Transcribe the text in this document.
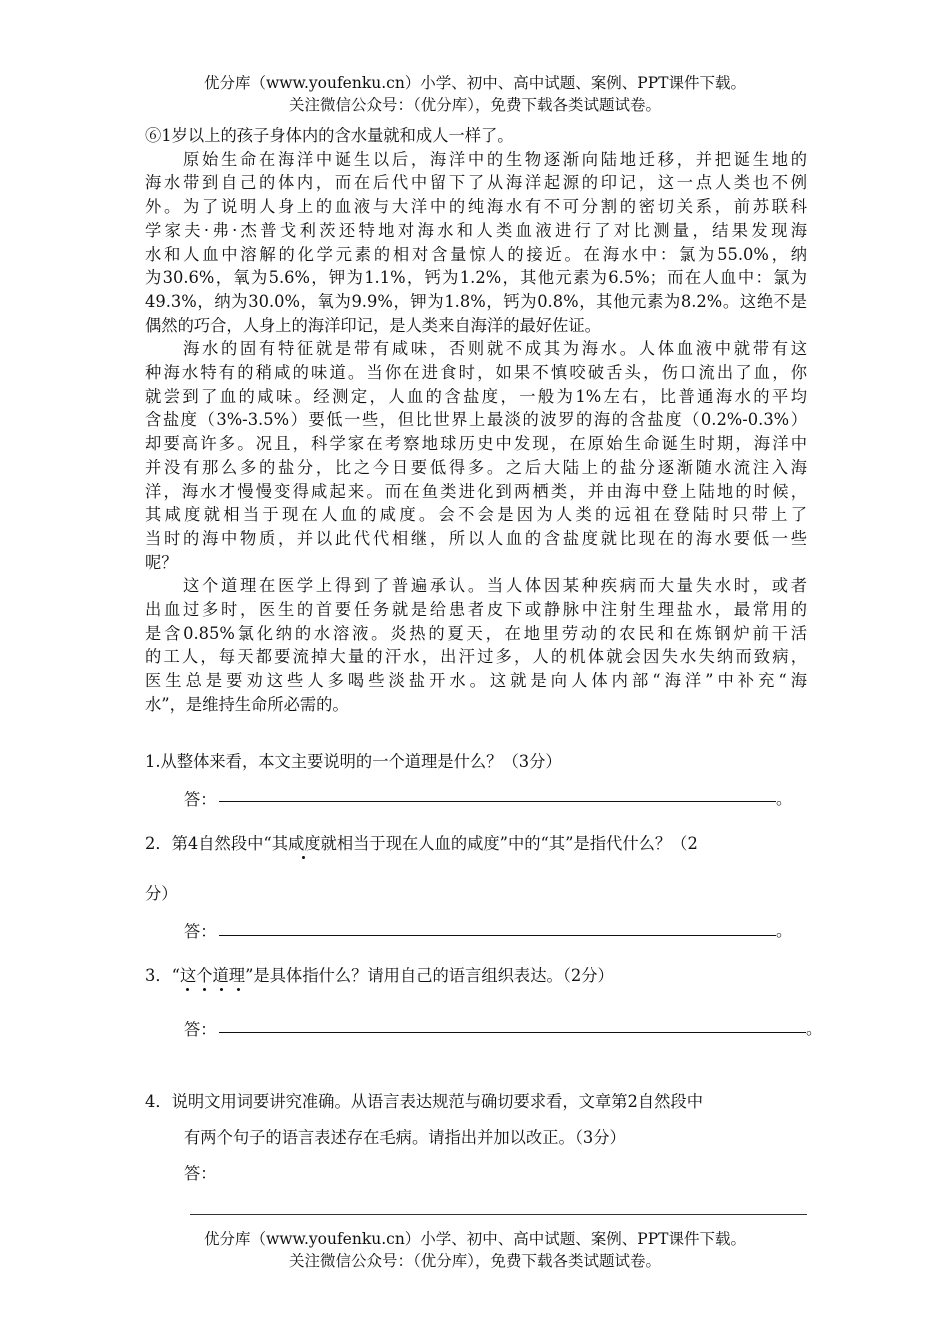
优分库（www.youfenku.cn）小学、初中、高中试题、案例、PPT课件下载。
关注微信公众号：（优分库），免费下载各类试题试卷。
⑥1岁以上的孩子身体内的含水量就和成人一样了。
　　原始生命在海洋中诞生以后，海洋中的生物逐渐向陆地迁移，并把诞生地的
海水带到自己的体内，而在后代中留下了从海洋起源的印记，这一点人类也不例
外。为了说明人身上的血液与大洋中的纯海水有不可分割的密切关系，前苏联科
学家夫·弗·杰普戈利茨还特地对海水和人类血液进行了对比测量，结果发现海
水和人血中溶解的化学元素的相对含量惊人的接近。在海水中：氯为55.0%，纳
为30.6%，氧为5.6%，钾为1.1%，钙为1.2%，其他元素为6.5%；而在人血中：氯为
49.3%，纳为30.0%，氧为9.9%，钾为1.8%，钙为0.8%，其他元素为8.2%。这绝不是
偶然的巧合，人身上的海洋印记，是人类来自海洋的最好佐证。
　　海水的固有特征就是带有咸味，否则就不成其为海水。人体血液中就带有这
种海水特有的稍咸的味道。当你在进食时，如果不慎咬破舌头，伤口流出了血，你
就尝到了血的咸味。经测定，人血的含盐度，一般为1%左右，比普通海水的平均
含盐度（3%-3.5%）要低一些，但比世界上最淡的波罗的海的含盐度（0.2%-0.3%）
却要高许多。况且，科学家在考察地球历史中发现，在原始生命诞生时期，海洋中
并没有那么多的盐分，比之今日要低得多。之后大陆上的盐分逐渐随水流注入海
洋，海水才慢慢变得咸起来。而在鱼类进化到两栖类，并由海中登上陆地的时候，
其咸度就相当于现在人血的咸度。会不会是因为人类的远祖在登陆时只带上了
当时的海中物质，并以此代代相继，所以人血的含盐度就比现在的海水要低一些
呢？
　　这个道理在医学上得到了普遍承认。当人体因某种疾病而大量失水时，或者
出血过多时，医生的首要任务就是给患者皮下或静脉中注射生理盐水，最常用的
是含0.85%氯化纳的水溶液。炎热的夏天，在地里劳动的农民和在炼钢炉前干活
的工人，每天都要流掉大量的汗水，出汗过多，人的机体就会因失水失纳而致病，
医生总是要劝这些人多喝些淡盐开水。这就是向人体内部“海洋”中补充“海
水”，是维持生命所必需的。
1.从整体来看，本文主要说明的一个道理是什么？（3分）
答：	。
2．第4自然段中“其咸度就相当于现在人血的咸度”中的“其”是指代什么？（2
分）
答：	。
3．“这个道理”是具体指什么？请用自己的语言组织表达。（2分）
答：	。
4．说明文用词要讲究准确。从语言表达规范与确切要求看，文章第2自然段中
有两个句子的语言表述存在毛病。请指出并加以改正。（3分）
答：
优分库（www.youfenku.cn）小学、初中、高中试题、案例、PPT课件下载。
关注微信公众号：（优分库），免费下载各类试题试卷。
